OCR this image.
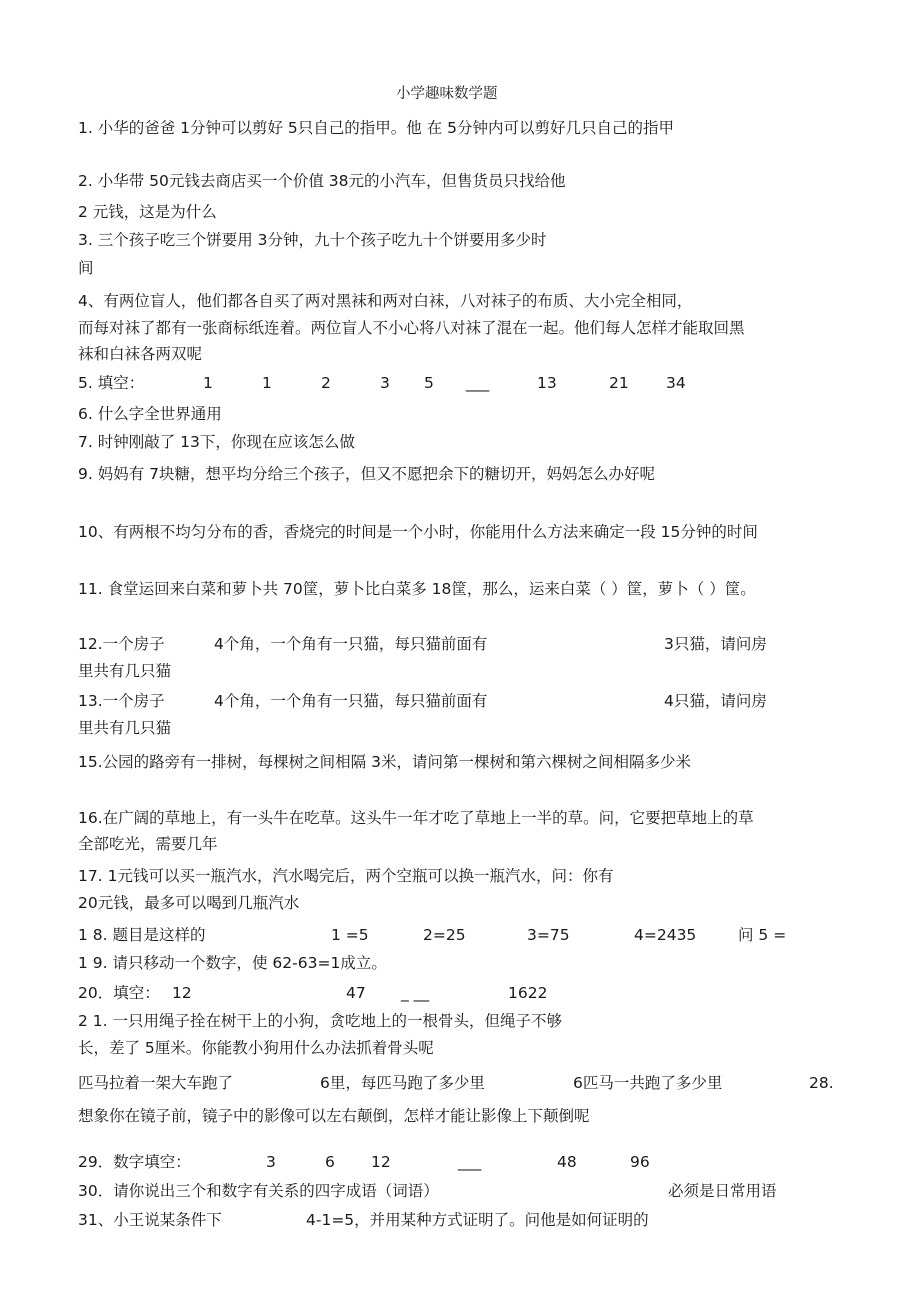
小学趣味数学题
1. 小华的爸爸 1分钟可以剪好 5只自己的指甲。他 在 5分钟内可以剪好几只自己的指甲
2. 小华带 50元钱去商店买一个价值 38元的小汽车，但售货员只找给他
2 元钱，这是为什么
3. 三个孩子吃三个饼要用 3分钟，九十个孩子吃九十个饼要用多少时
间
4、有两位盲人，他们都各自买了两对黑袜和两对白袜，八对袜子的布质、大小完全相同，
而每对袜了都有一张商标纸连着。两位盲人不小心将八对袜了混在一起。他们每人怎样才能取回黑
袜和白袜各两双呢
5. 填空：	1	1	2	3 5 ___	13	21 34
6. 什么字全世界通用
7. 时钟刚敲了 13下，你现在应该怎么做
9. 妈妈有 7块糖，想平均分给三个孩子，但又不愿把余下的糖切开，妈妈怎么办好呢
10、有两根不均匀分布的香，香烧完的时间是一个小时，你能用什么方法来确定一段 15分钟的时间
11. 食堂运回来白菜和萝卜共 70筐，萝卜比白菜多 18筐，那么，运来白菜（ ）筐，萝卜（ ）筐。
12.一个房子	4个角，一个角有一只猫，每只猫前面有	3只猫，请问房
里共有几只猫
13.一个房子	4个角，一个角有一只猫，每只猫前面有	4只猫，请问房
里共有几只猫
15.公园的路旁有一排树，每棵树之间相隔 3米，请问第一棵树和第六棵树之间相隔多少米
16.在广阔的草地上，有一头牛在吃草。这头牛一年才吃了草地上一半的草。问，它要把草地上的草
全部吃光，需要几年
17. 1元钱可以买一瓶汽水，汽水喝完后，两个空瓶可以换一瓶汽水，问：你有
20元钱，最多可以喝到几瓶汽水
1 8. 题目是这样的	1 =5	2=25	3=75	4=2435	问 5 =
1 9. 请只移动一个数字，使 62-63=1成立。
20．填空： 12	47 _ __	1622
2 1. 一只用绳子拴在树干上的小狗，贪吃地上的一根骨头，但绳子不够
长，差了 5厘米。你能教小狗用什么办法抓着骨头呢
匹马拉着一架大车跑了	6里，每匹马跑了多少里	6匹马一共跑了多少里	28.
想象你在镜子前，镜子中的影像可以左右颠倒，怎样才能让影像上下颠倒呢
29．数字填空：	3	6 12	___	48	96
30．请你说出三个和数字有关系的四字成语（词语）	必须是日常用语
31、小王说某条件下	4-1=5，并用某种方式证明了。问他是如何证明的
